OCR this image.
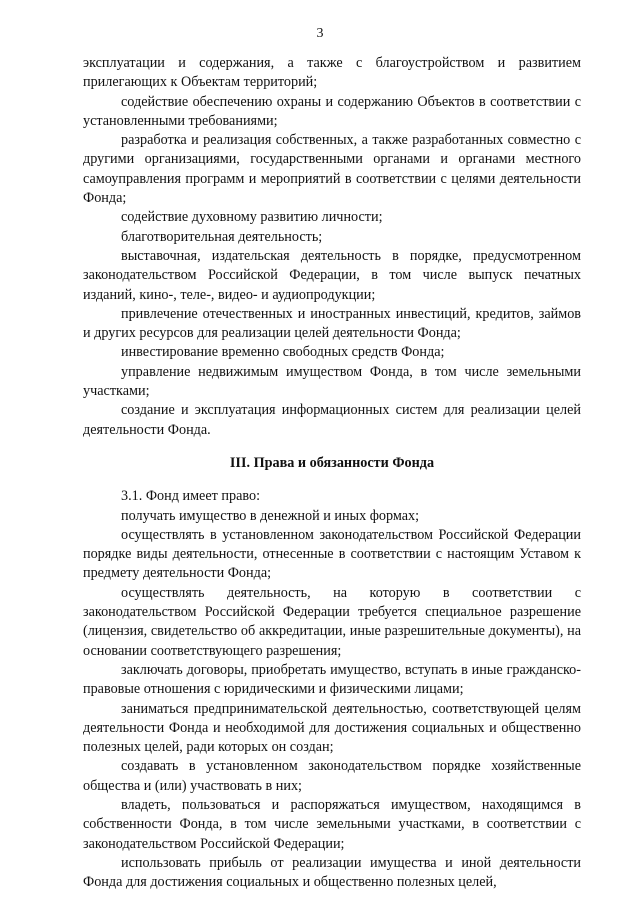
3

эксплуатации и содержания, а также с благоустройством и развитием прилегающих к Объектам территорий;

содействие обеспечению охраны и содержанию Объектов в соответствии с установленными требованиями;

разработка и реализация собственных, а также разработанных совместно с другими организациями, государственными органами и органами местного самоуправления программ и мероприятий в соответствии с целями деятельности Фонда;

содействие духовному развитию личности;

благотворительная деятельность;

выставочная, издательская деятельность в порядке, предусмотренном законодательством Российской Федерации, в том числе выпуск печатных изданий, кино-, теле-, видео- и аудиопродукции;

привлечение отечественных и иностранных инвестиций, кредитов, займов и других ресурсов для реализации целей деятельности Фонда;

инвестирование временно свободных средств Фонда;

управление недвижимым имуществом Фонда, в том числе земельными участками;

создание и эксплуатация информационных систем для реализации целей деятельности Фонда.

III. Права и обязанности Фонда

3.1. Фонд имеет право:

получать имущество в денежной и иных формах;

осуществлять в установленном законодательством Российской Федерации порядке виды деятельности, отнесенные в соответствии с настоящим Уставом к предмету деятельности Фонда;

осуществлять деятельность, на которую в соответствии с законодательством Российской Федерации требуется специальное разрешение (лицензия, свидетельство об аккредитации, иные разрешительные документы), на основании соответствующего разрешения;

заключать договоры, приобретать имущество, вступать в иные гражданско-правовые отношения с юридическими и физическими лицами;

заниматься предпринимательской деятельностью, соответствующей целям деятельности Фонда и необходимой для достижения социальных и общественно полезных целей, ради которых он создан;

создавать в установленном законодательством порядке хозяйственные общества и (или) участвовать в них;

владеть, пользоваться и распоряжаться имуществом, находящимся в собственности Фонда, в том числе земельными участками, в соответствии с законодательством Российской Федерации;

использовать прибыль от реализации имущества и иной деятельности Фонда для достижения социальных и общественно полезных целей,
